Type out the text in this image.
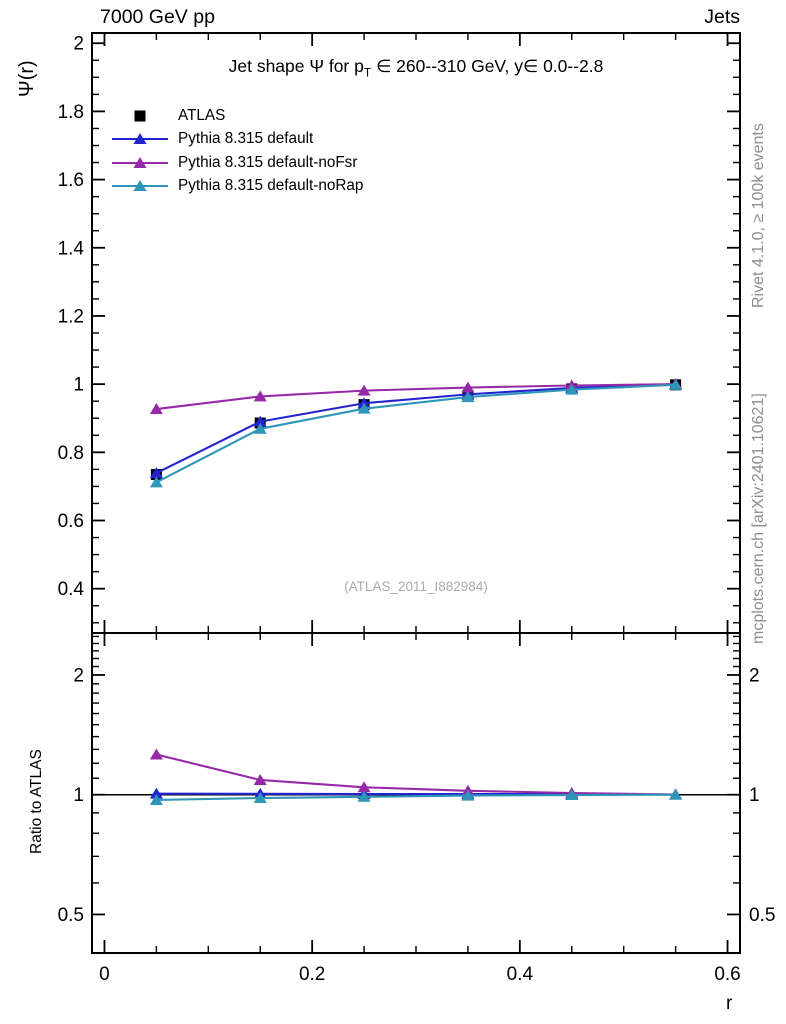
0	0.2	0.4	0.6
0.4
0.6
0.8
1
1.2
1.4
1.6
1.8
2
0.5	0.5
1	1
2	2
7000 GeV pp	Jets
Jet shape Ψ for $p_T$ ∈ 260--310 GeV, y∈ 0.0--2.8
ATLAS
Pythia 8.315 default
Pythia 8.315 default-noFsr
Pythia 8.315 default-noRap
Ψ(r)
Ratio to ATLAS
r
Rivet 4.1.0, ≥ 100k events
mcplots.cern.ch [arXiv:2401.10621]
(ATLAS_2011_I882984)
